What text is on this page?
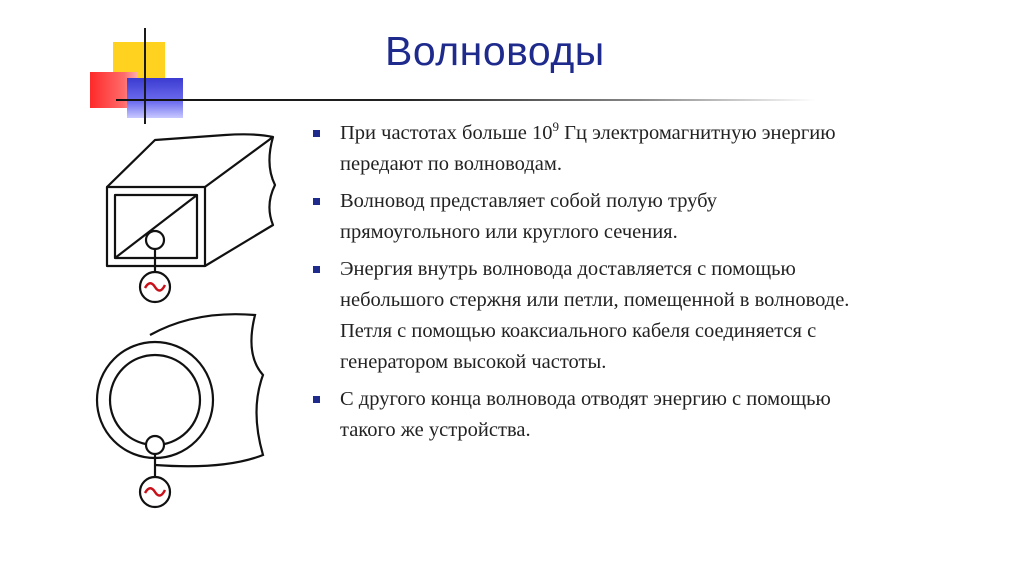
Волноводы
При частотах больше $10^9$ Гц электромагнитную энергию передают по волноводам.
Волновод представляет собой полую трубу прямоугольного или круглого сечения.
Энергия внутрь волновода доставляется с помощью небольшого стержня или петли, помещенной в волноводе. Петля с помощью коаксиального кабеля соединяется с генератором высокой частоты.
С другого конца волновода отводят энергию с помощью такого же устройства.
